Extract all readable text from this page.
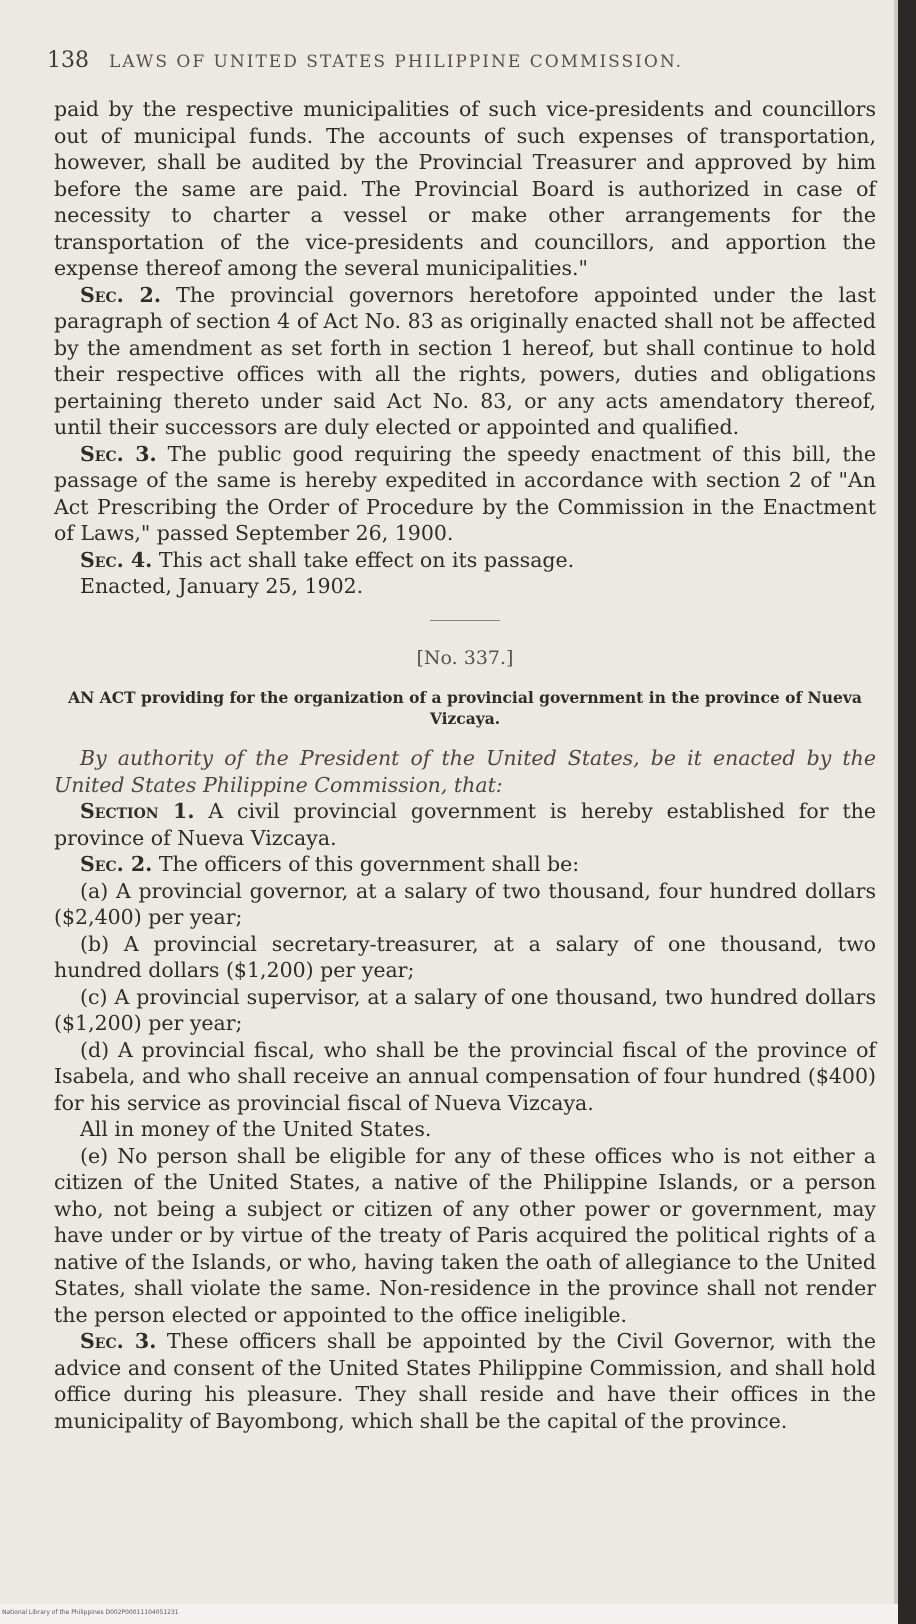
138 LAWS OF UNITED STATES PHILIPPINE COMMISSION.

paid by the respective municipalities of such vice-presidents and councillors out of municipal funds. The accounts of such expenses of transportation, however, shall be audited by the Provincial Treasurer and approved by him before the same are paid. The Provincial Board is authorized in case of necessity to charter a vessel or make other arrangements for the transportation of the vice-presidents and councillors, and apportion the expense thereof among the several municipalities."

Sec. 2. The provincial governors heretofore appointed under the last paragraph of section 4 of Act No. 83 as originally enacted shall not be affected by the amendment as set forth in section 1 hereof, but shall continue to hold their respective offices with all the rights, powers, duties and obligations pertaining thereto under said Act No. 83, or any acts amendatory thereof, until their successors are duly elected or appointed and qualified.

Sec. 3. The public good requiring the speedy enactment of this bill, the passage of the same is hereby expedited in accordance with section 2 of "An Act Prescribing the Order of Procedure by the Commission in the Enactment of Laws," passed September 26, 1900.

Sec. 4. This act shall take effect on its passage.

Enacted, January 25, 1902.

[No. 337.]
AN ACT providing for the organization of a provincial government in the province of Nueva Vizcaya.

By authority of the President of the United States, be it enacted by the United States Philippine Commission, that:

Section 1. A civil provincial government is hereby established for the province of Nueva Vizcaya.

Sec. 2. The officers of this government shall be:

(a) A provincial governor, at a salary of two thousand, four hundred dollars ($2,400) per year;

(b) A provincial secretary-treasurer, at a salary of one thousand, two hundred dollars ($1,200) per year;

(c) A provincial supervisor, at a salary of one thousand, two hundred dollars ($1,200) per year;

(d) A provincial fiscal, who shall be the provincial fiscal of the province of Isabela, and who shall receive an annual compensation of four hundred ($400) for his service as provincial fiscal of Nueva Vizcaya.

All in money of the United States.

(e) No person shall be eligible for any of these offices who is not either a citizen of the United States, a native of the Philippine Islands, or a person who, not being a subject or citizen of any other power or government, may have under or by virtue of the treaty of Paris acquired the political rights of a native of the Islands, or who, having taken the oath of allegiance to the United States, shall violate the same. Non-residence in the province shall not render the person elected or appointed to the office ineligible.

Sec. 3. These officers shall be appointed by the Civil Governor, with the advice and consent of the United States Philippine Commission, and shall hold office during his pleasure. They shall reside and have their offices in the municipality of Bayombong, which shall be the capital of the province.

National Library of the Philippines D002P00011104051231
